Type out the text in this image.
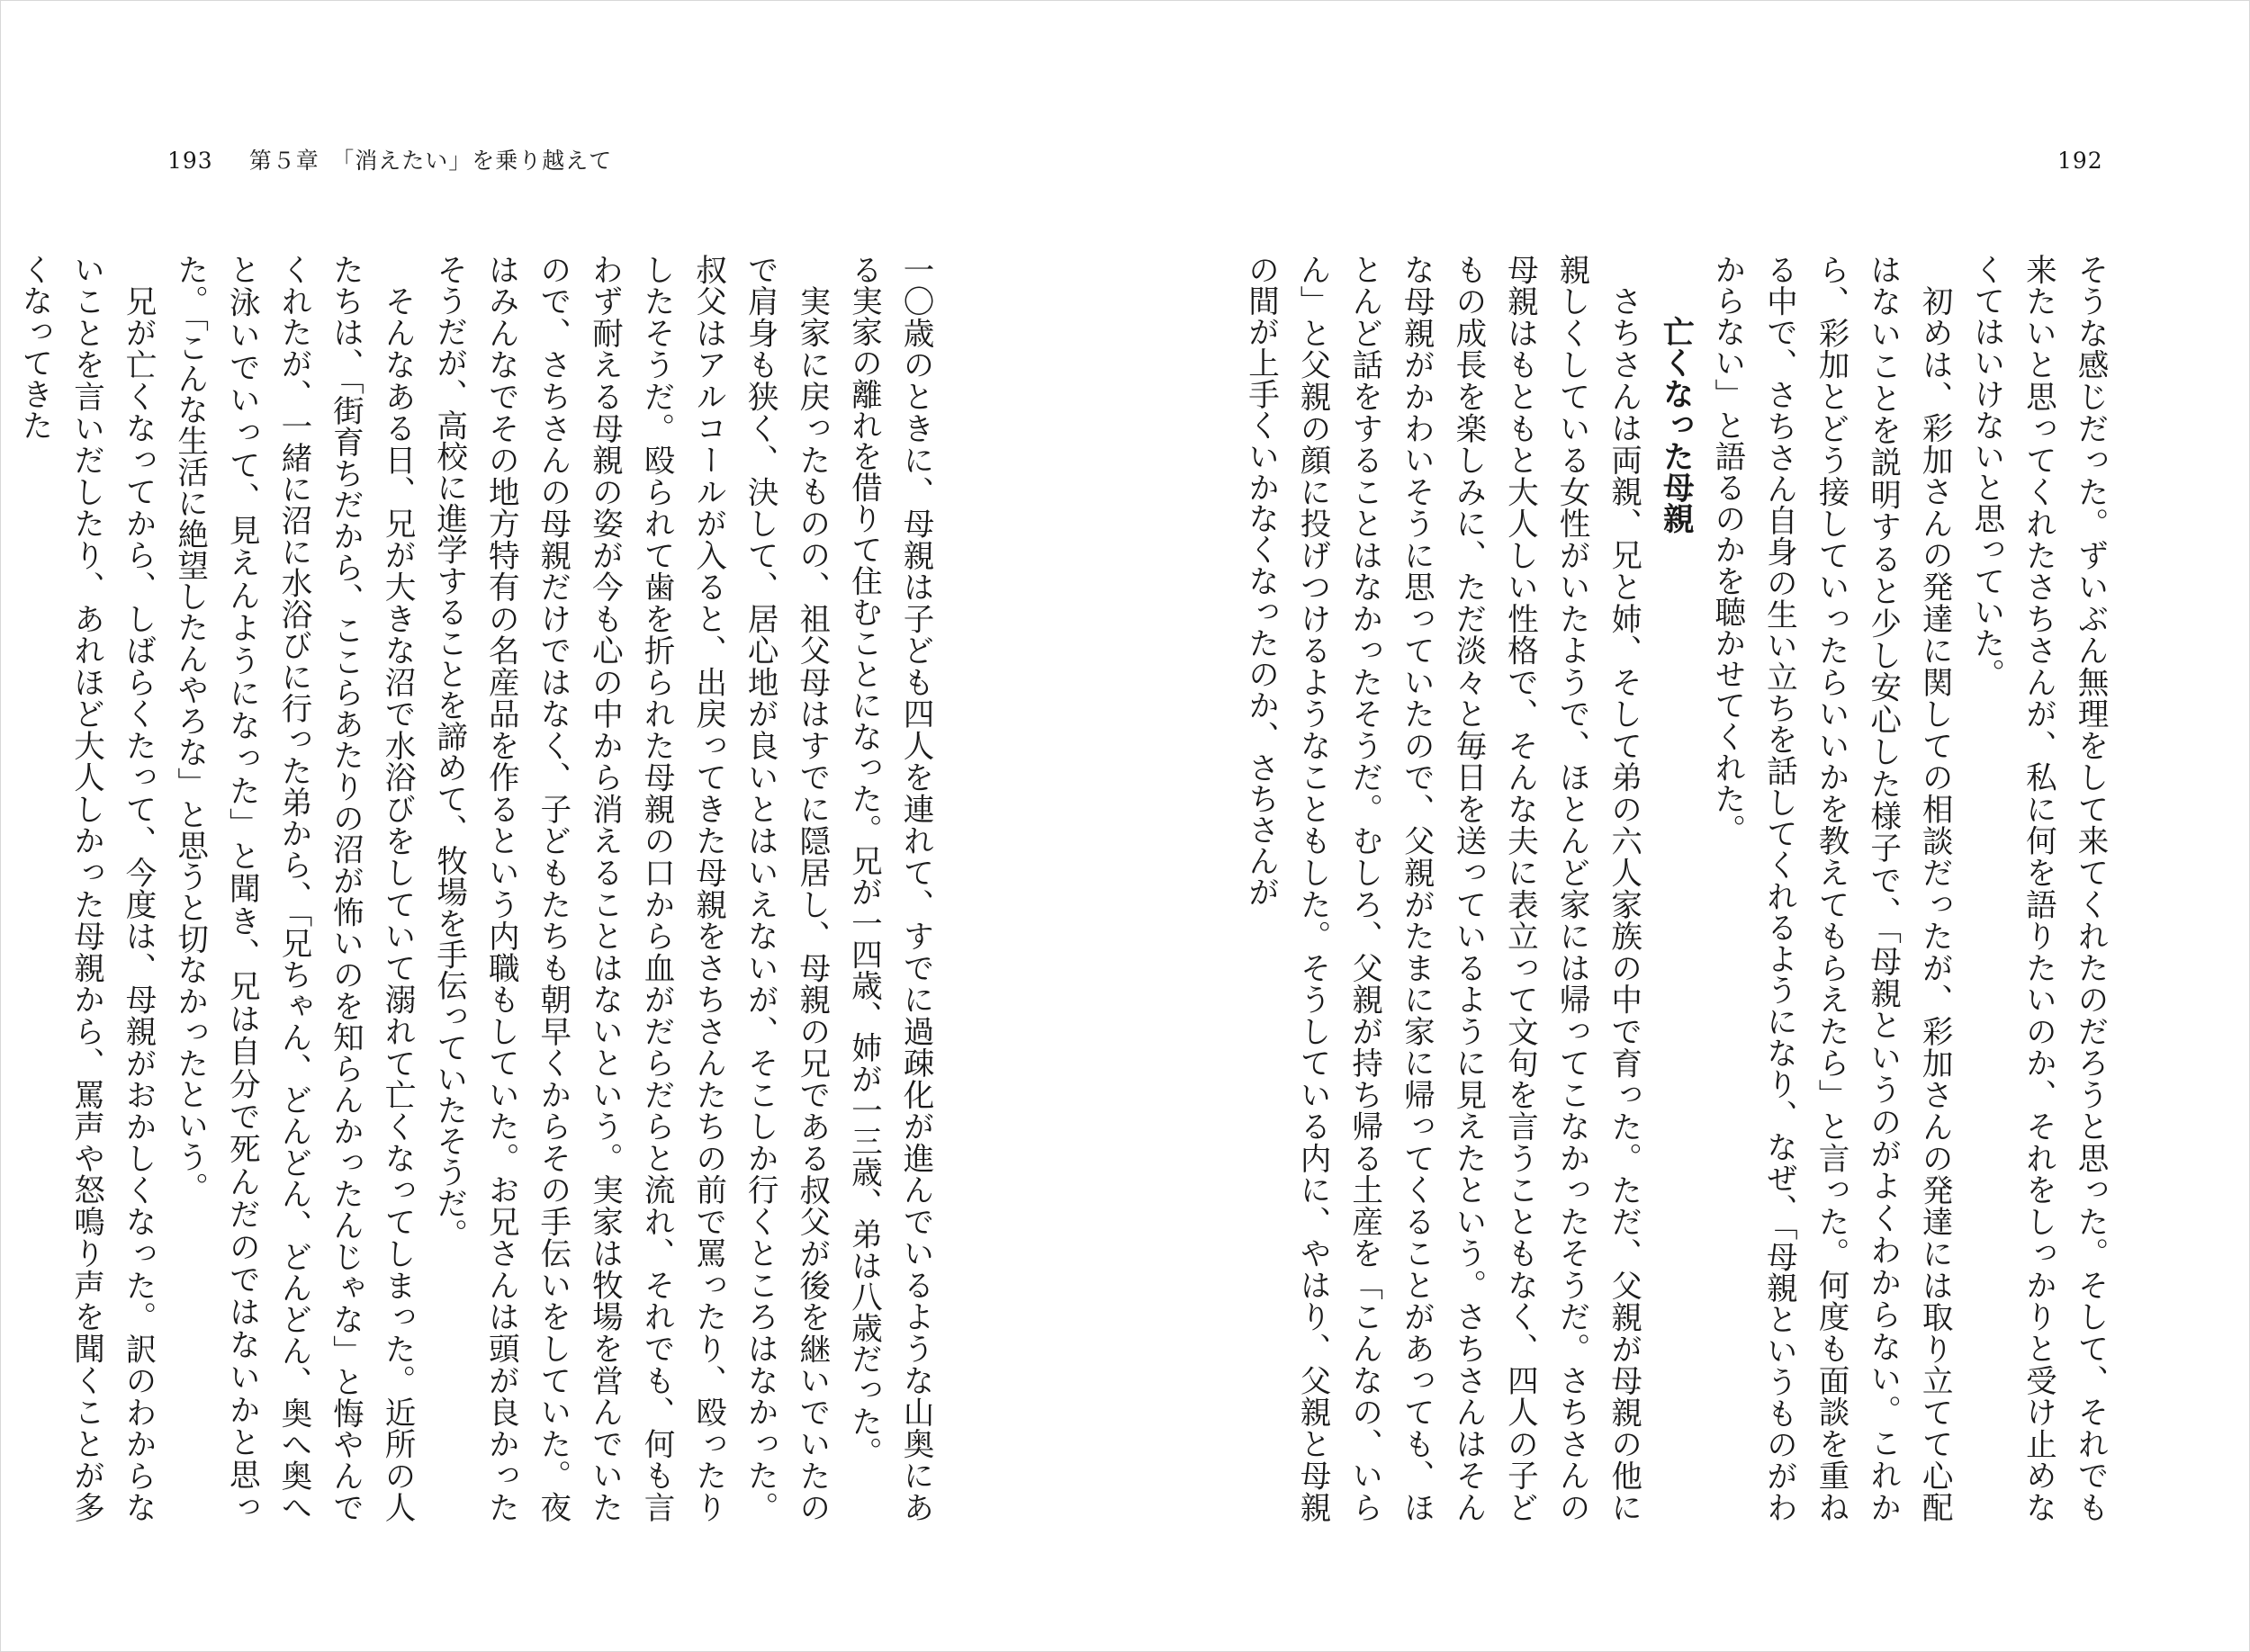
193 第５章　「消えたい」を乗り越えて

一〇歳のときに、母親は子ども四人を連れて、すでに過疎化が進んでいるような山奥にある実家の離れを借りて住むことになった。兄が一四歳、姉が一三歳、弟は八歳だった。

実家に戻ったものの、祖父母はすでに隠居し、母親の兄である叔父が後を継いでいたので肩身も狭く、決して、居心地が良いとはいえないが、そこしか行くところはなかった。叔父はアルコールが入ると、出戻ってきた母親をさちさんたちの前で罵ったり、殴ったりしたそうだ。殴られて歯を折られた母親の口から血がだらだらと流れ、それでも、何も言わず耐える母親の姿が今も心の中から消えることはないという。実家は牧場を営んでいたので、さちさんの母親だけではなく、子どもたちも朝早くからその手伝いをしていた。夜はみんなでその地方特有の名産品を作るという内職もしていた。お兄さんは頭が良かったそうだが、高校に進学することを諦めて、牧場を手伝っていたそうだ。

そんなある日、兄が大きな沼で水浴びをしていて溺れて亡くなってしまった。近所の人たちは、「街育ちだから、ここらあたりの沼が怖いのを知らんかったんじゃな」と悔やんでくれたが、一緒に沼に水浴びに行った弟から、「兄ちゃん、どんどん、どんどん、奥へ奥へと泳いでいって、見えんようになった」と聞き、兄は自分で死んだのではないかと思った。「こんな生活に絶望したんやろな」と思うと切なかったという。

兄が亡くなってから、しばらくたって、今度は、母親がおかしくなった。訳のわからないことを言いだしたり、あれほど大人しかった母親から、罵声や怒鳴り声を聞くことが多くなってきた

192

そうな感じだった。ずいぶん無理をして来てくれたのだろうと思った。そして、それでも来たいと思ってくれたさちさんが、私に何を語りたいのか、それをしっかりと受け止めなくてはいけないと思っていた。

初めは、彩加さんの発達に関しての相談だったが、彩加さんの発達には取り立てて心配はないことを説明すると少し安心した様子で、「母親というのがよくわからない。これから、彩加とどう接していったらいいかを教えてもらえたら」と言った。何度も面談を重ねる中で、さちさん自身の生い立ちを話してくれるようになり、なぜ、「母親というものがわからない」と語るのかを聴かせてくれた。

亡くなった母親

さちさんは両親、兄と姉、そして弟の六人家族の中で育った。ただ、父親が母親の他に親しくしている女性がいたようで、ほとんど家には帰ってこなかったそうだ。さちさんの母親はもともと大人しい性格で、そんな夫に表立って文句を言うこともなく、四人の子どもの成長を楽しみに、ただ淡々と毎日を送っているように見えたという。さちさんはそんな母親がかわいそうに思っていたので、父親がたまに家に帰ってくることがあっても、ほとんど話をすることはなかったそうだ。むしろ、父親が持ち帰る土産を「こんなの、いらん」と父親の顔に投げつけるようなこともした。そうしている内に、やはり、父親と母親の間が上手くいかなくなったのか、さちさんが
